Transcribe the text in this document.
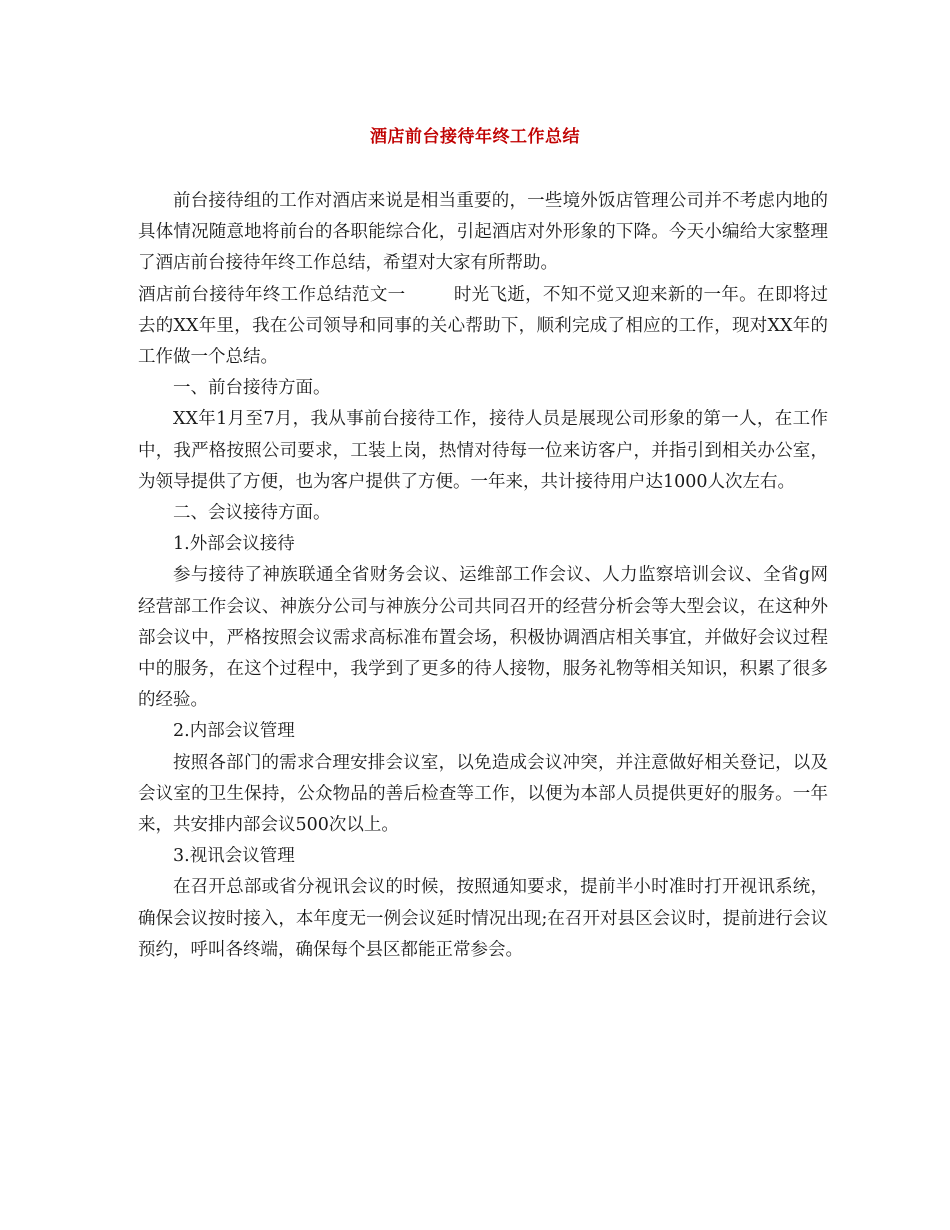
酒店前台接待年终工作总结

前台接待组的工作对酒店来说是相当重要的，一些境外饭店管理公司并不考虑内地的具体情况随意地将前台的各职能综合化，引起酒店对外形象的下降。今天小编给大家整理了酒店前台接待年终工作总结，希望对大家有所帮助。

酒店前台接待年终工作总结范文一	时光飞逝，不知不觉又迎来新的一年。在即将过去的XX年里，我在公司领导和同事的关心帮助下，顺利完成了相应的工作，现对XX年的工作做一个总结。

一、前台接待方面。

XX年1月至7月，我从事前台接待工作，接待人员是展现公司形象的第一人，在工作中，我严格按照公司要求，工装上岗，热情对待每一位来访客户，并指引到相关办公室，为领导提供了方便，也为客户提供了方便。一年来，共计接待用户达1000人次左右。

二、会议接待方面。

1.外部会议接待

参与接待了神族联通全省财务会议、运维部工作会议、人力监察培训会议、全省g网经营部工作会议、神族分公司与神族分公司共同召开的经营分析会等大型会议，在这种外部会议中，严格按照会议需求高标准布置会场，积极协调酒店相关事宜，并做好会议过程中的服务，在这个过程中，我学到了更多的待人接物，服务礼物等相关知识，积累了很多的经验。

2.内部会议管理

按照各部门的需求合理安排会议室，以免造成会议冲突，并注意做好相关登记，以及会议室的卫生保持，公众物品的善后检查等工作，以便为本部人员提供更好的服务。一年来，共安排内部会议500次以上。

3.视讯会议管理

在召开总部或省分视讯会议的时候，按照通知要求，提前半小时准时打开视讯系统，确保会议按时接入，本年度无一例会议延时情况出现;在召开对县区会议时，提前进行会议预约，呼叫各终端，确保每个县区都能正常参会。
